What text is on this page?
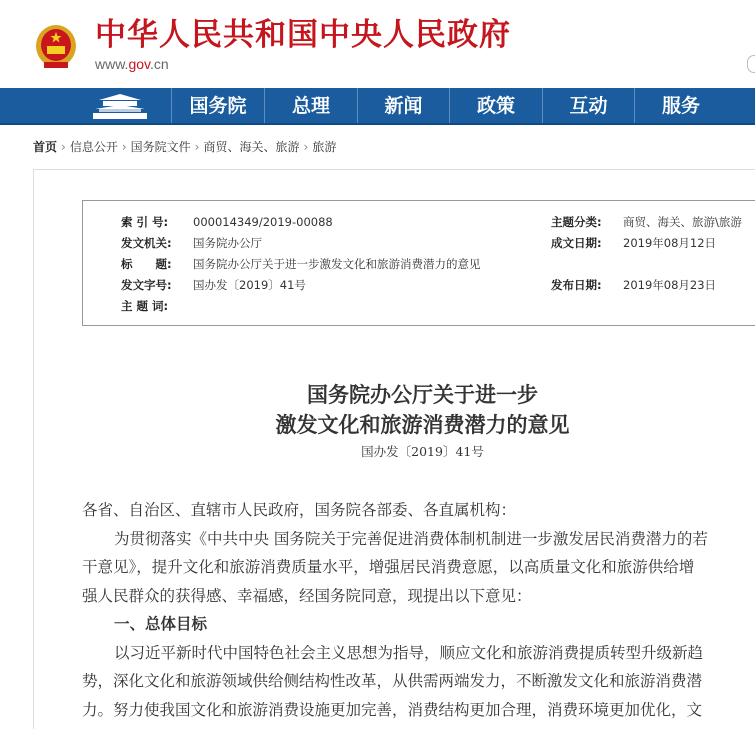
中华人民共和国中央人民政府
www.gov.cn
国务院	总理	新闻	政策	互动	服务
首页 › 信息公开 › 国务院文件 › 商贸、海关、旅游 › 旅游
索 引 号: 000014349/2019-00088	主题分类: 商贸、海关、旅游\旅游
发文机关: 国务院办公厅	成文日期: 2019年08月12日
标　　题: 国务院办公厅关于进一步激发文化和旅游消费潜力的意见
发文字号: 国办发〔2019〕41号	发布日期: 2019年08月23日
主 题 词:
国务院办公厅关于进一步
激发文化和旅游消费潜力的意见
国办发〔2019〕41号

各省、自治区、直辖市人民政府，国务院各部委、各直属机构：

为贯彻落实《中共中央 国务院关于完善促进消费体制机制进一步激发居民消费潜力的若

干意见》，提升文化和旅游消费质量水平，增强居民消费意愿，以高质量文化和旅游供给增

强人民群众的获得感、幸福感，经国务院同意，现提出以下意见：

一、总体目标

以习近平新时代中国特色社会主义思想为指导，顺应文化和旅游消费提质转型升级新趋

势，深化文化和旅游领域供给侧结构性改革，从供需两端发力，不断激发文化和旅游消费潜

力。努力使我国文化和旅游消费设施更加完善，消费结构更加合理，消费环境更加优化，文
